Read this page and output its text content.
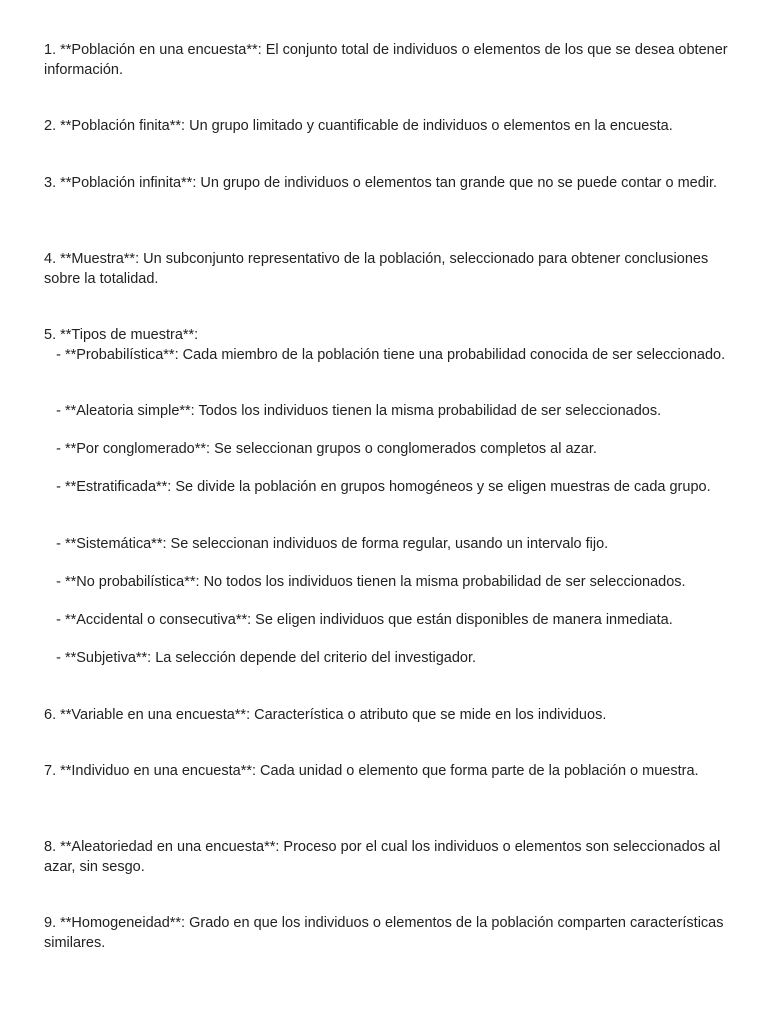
1. **Población en una encuesta**: El conjunto total de individuos o elementos de los que se desea obtener información.

2. **Población finita**: Un grupo limitado y cuantificable de individuos o elementos en la encuesta.

3. **Población infinita**: Un grupo de individuos o elementos tan grande que no se puede contar o medir.

4. **Muestra**: Un subconjunto representativo de la población, seleccionado para obtener conclusiones sobre la totalidad.

5. **Tipos de muestra**:
- **Probabilística**: Cada miembro de la población tiene una probabilidad conocida de ser seleccionado.

- **Aleatoria simple**: Todos los individuos tienen la misma probabilidad de ser seleccionados.

- **Por conglomerado**: Se seleccionan grupos o conglomerados completos al azar.

- **Estratificada**: Se divide la población en grupos homogéneos y se eligen muestras de cada grupo.

- **Sistemática**: Se seleccionan individuos de forma regular, usando un intervalo fijo.

- **No probabilística**: No todos los individuos tienen la misma probabilidad de ser seleccionados.

- **Accidental o consecutiva**: Se eligen individuos que están disponibles de manera inmediata.

- **Subjetiva**: La selección depende del criterio del investigador.

6. **Variable en una encuesta**: Característica o atributo que se mide en los individuos.

7. **Individuo en una encuesta**: Cada unidad o elemento que forma parte de la población o muestra.

8. **Aleatoriedad en una encuesta**: Proceso por el cual los individuos o elementos son seleccionados al azar, sin sesgo.

9. **Homogeneidad**: Grado en que los individuos o elementos de la población comparten características similares.
